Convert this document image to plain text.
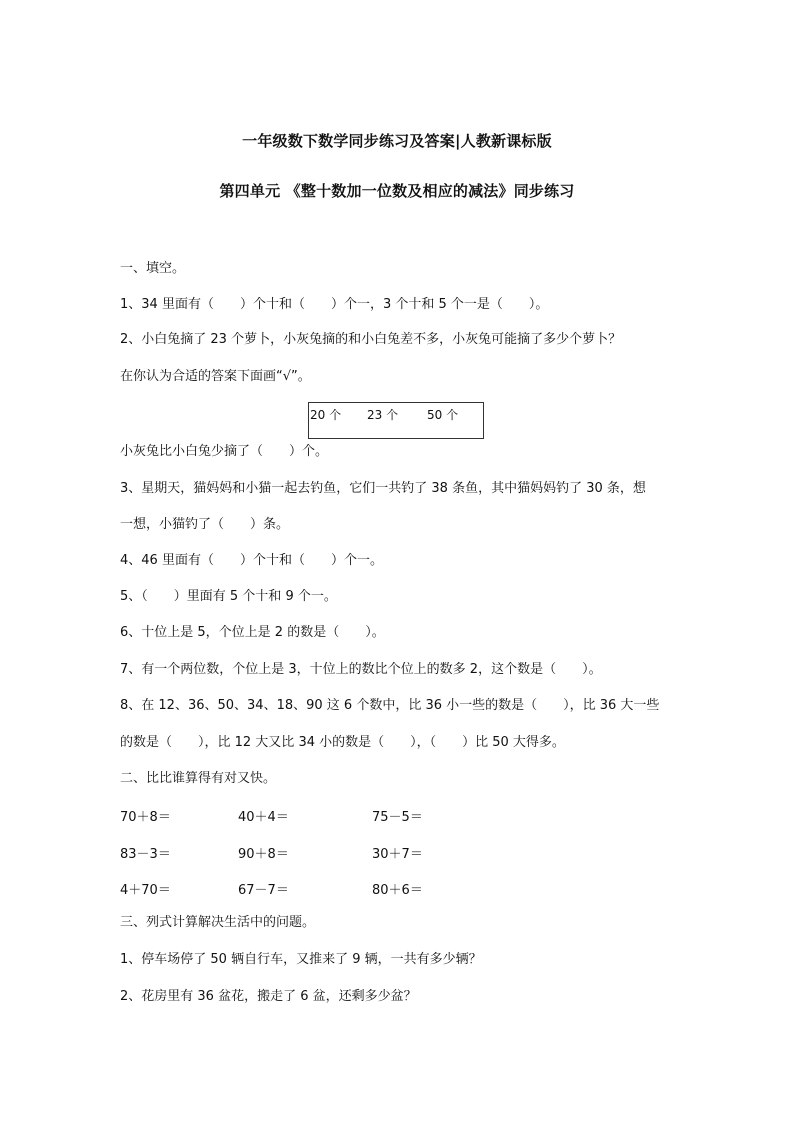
一年级数下数学同步练习及答案|人教新课标版
第四单元 《整十数加一位数及相应的减法》同步练习
一、填空。
1、34 里面有（　　）个十和（　　）个一，3 个十和 5 个一是（　　）。
2、小白兔摘了 23 个萝卜，小灰兔摘的和小白兔差不多，小灰兔可能摘了多少个萝卜？
在你认为合适的答案下面画“√”。
20 个 23 个 50 个
小灰兔比小白兔少摘了（　　）个。
3、星期天，猫妈妈和小猫一起去钓鱼，它们一共钓了 38 条鱼，其中猫妈妈钓了 30 条，想
一想，小猫钓了（　　）条。
4、46 里面有（　　）个十和（　　）个一。
5、（　　）里面有 5 个十和 9 个一。
6、十位上是 5，个位上是 2 的数是（　　）。
7、有一个两位数，个位上是 3，十位上的数比个位上的数多 2，这个数是（　　）。
8、在 12、36、50、34、18、90 这 6 个数中，比 36 小一些的数是（　　），比 36 大一些
的数是（　　），比 12 大又比 34 小的数是（　　），（　　）比 50 大得多。
二、比比谁算得有对又快。
70＋8＝	40＋4＝	75－5＝
83－3＝	90＋8＝	30＋7＝
4＋70＝	67－7＝	80＋6＝
三、列式计算解决生活中的问题。
1、停车场停了 50 辆自行车，又推来了 9 辆，一共有多少辆？
2、花房里有 36 盆花，搬走了 6 盆，还剩多少盆？
